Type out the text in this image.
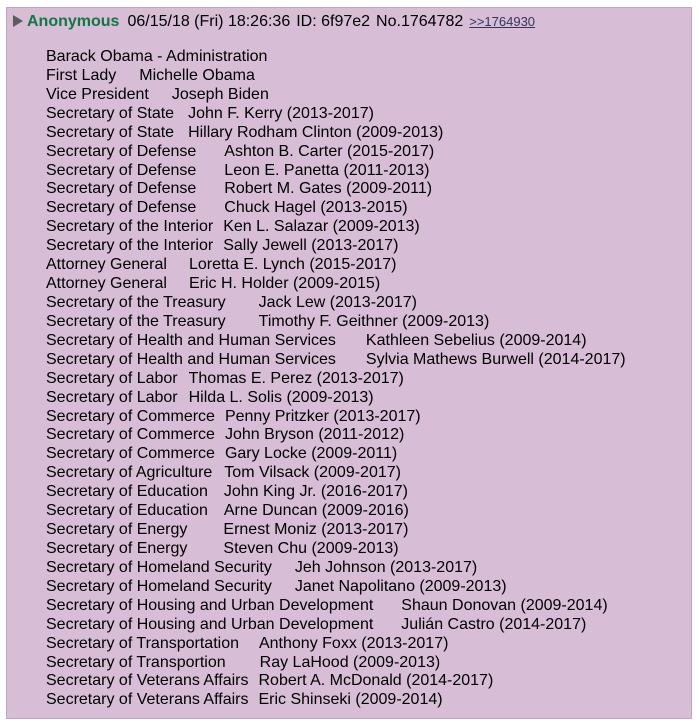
Anonymous 06/15/18 (Fri) 18:26:36 ID: 6f97e2 No.1764782 >>1764930
Barack Obama - Administration
First Lady Michelle Obama
Vice President Joseph Biden
Secretary of State John F. Kerry (2013-2017)
Secretary of State Hillary Rodham Clinton (2009-2013)
Secretary of Defense Ashton B. Carter (2015-2017)
Secretary of Defense Leon E. Panetta (2011-2013)
Secretary of Defense Robert M. Gates (2009-2011)
Secretary of Defense Chuck Hagel (2013-2015)
Secretary of the Interior Ken L. Salazar (2009-2013)
Secretary of the Interior Sally Jewell (2013-2017)
Attorney General Loretta E. Lynch (2015-2017)
Attorney General Eric H. Holder (2009-2015)
Secretary of the Treasury Jack Lew (2013-2017)
Secretary of the Treasury Timothy F. Geithner (2009-2013)
Secretary of Health and Human Services Kathleen Sebelius (2009-2014)
Secretary of Health and Human Services Sylvia Mathews Burwell (2014-2017)
Secretary of Labor Thomas E. Perez (2013-2017)
Secretary of Labor Hilda L. Solis (2009-2013)
Secretary of Commerce Penny Pritzker (2013-2017)
Secretary of Commerce John Bryson (2011-2012)
Secretary of Commerce Gary Locke (2009-2011)
Secretary of Agriculture Tom Vilsack (2009-2017)
Secretary of Education John King Jr. (2016-2017)
Secretary of Education Arne Duncan (2009-2016)
Secretary of Energy Ernest Moniz (2013-2017)
Secretary of Energy Steven Chu (2009-2013)
Secretary of Homeland Security Jeh Johnson (2013-2017)
Secretary of Homeland Security Janet Napolitano (2009-2013)
Secretary of Housing and Urban Development Shaun Donovan (2009-2014)
Secretary of Housing and Urban Development Julián Castro (2014-2017)
Secretary of Transportation Anthony Foxx (2013-2017)
Secretary of Transportion Ray LaHood (2009-2013)
Secretary of Veterans Affairs Robert A. McDonald (2014-2017)
Secretary of Veterans Affairs Eric Shinseki (2009-2014)
